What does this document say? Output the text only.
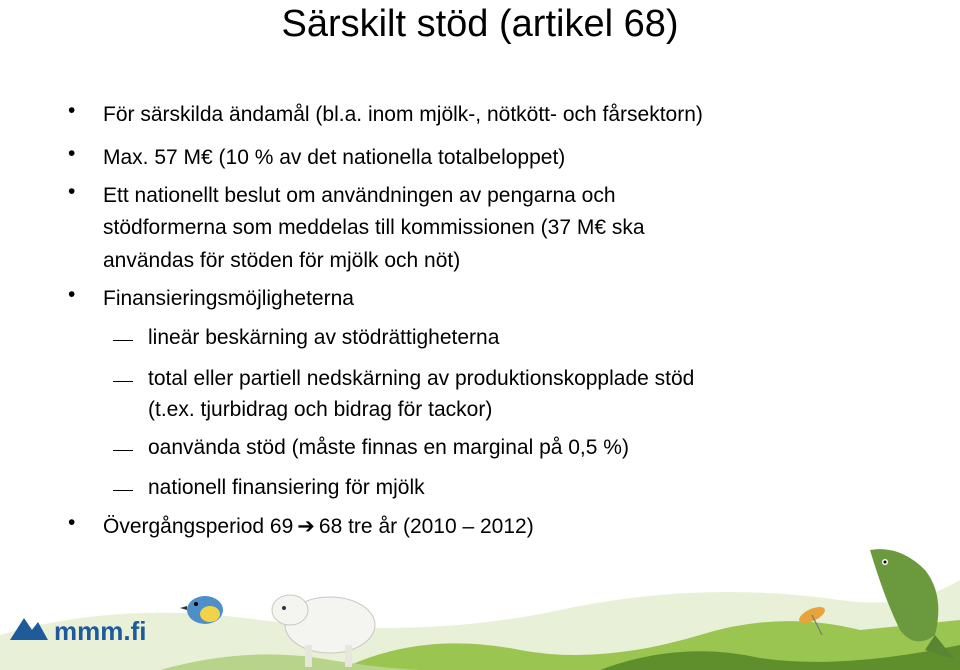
Särskilt stöd (artikel 68)
• För särskilda ändamål (bl.a. inom mjölk-, nötkött- och fårsektorn)
• Max. 57 M€ (10 % av det nationella totalbeloppet)
• Ett nationellt beslut om användningen av pengarna och
stödformerna som meddelas till kommissionen (37 M€ ska
användas för stöden för mjölk och nöt)
• Finansieringsmöjligheterna
lineär beskärning av stödrättigheterna
total eller partiell nedskärning av produktionskopplade stöd
(t.ex. tjurbidrag och bidrag för tackor)
oanvända stöd (måste finnas en marginal på 0,5 %)
nationell finansiering för mjölk
• Övergångsperiod 69 ➔ 68 tre år (2010 – 2012)
mmm.fi
